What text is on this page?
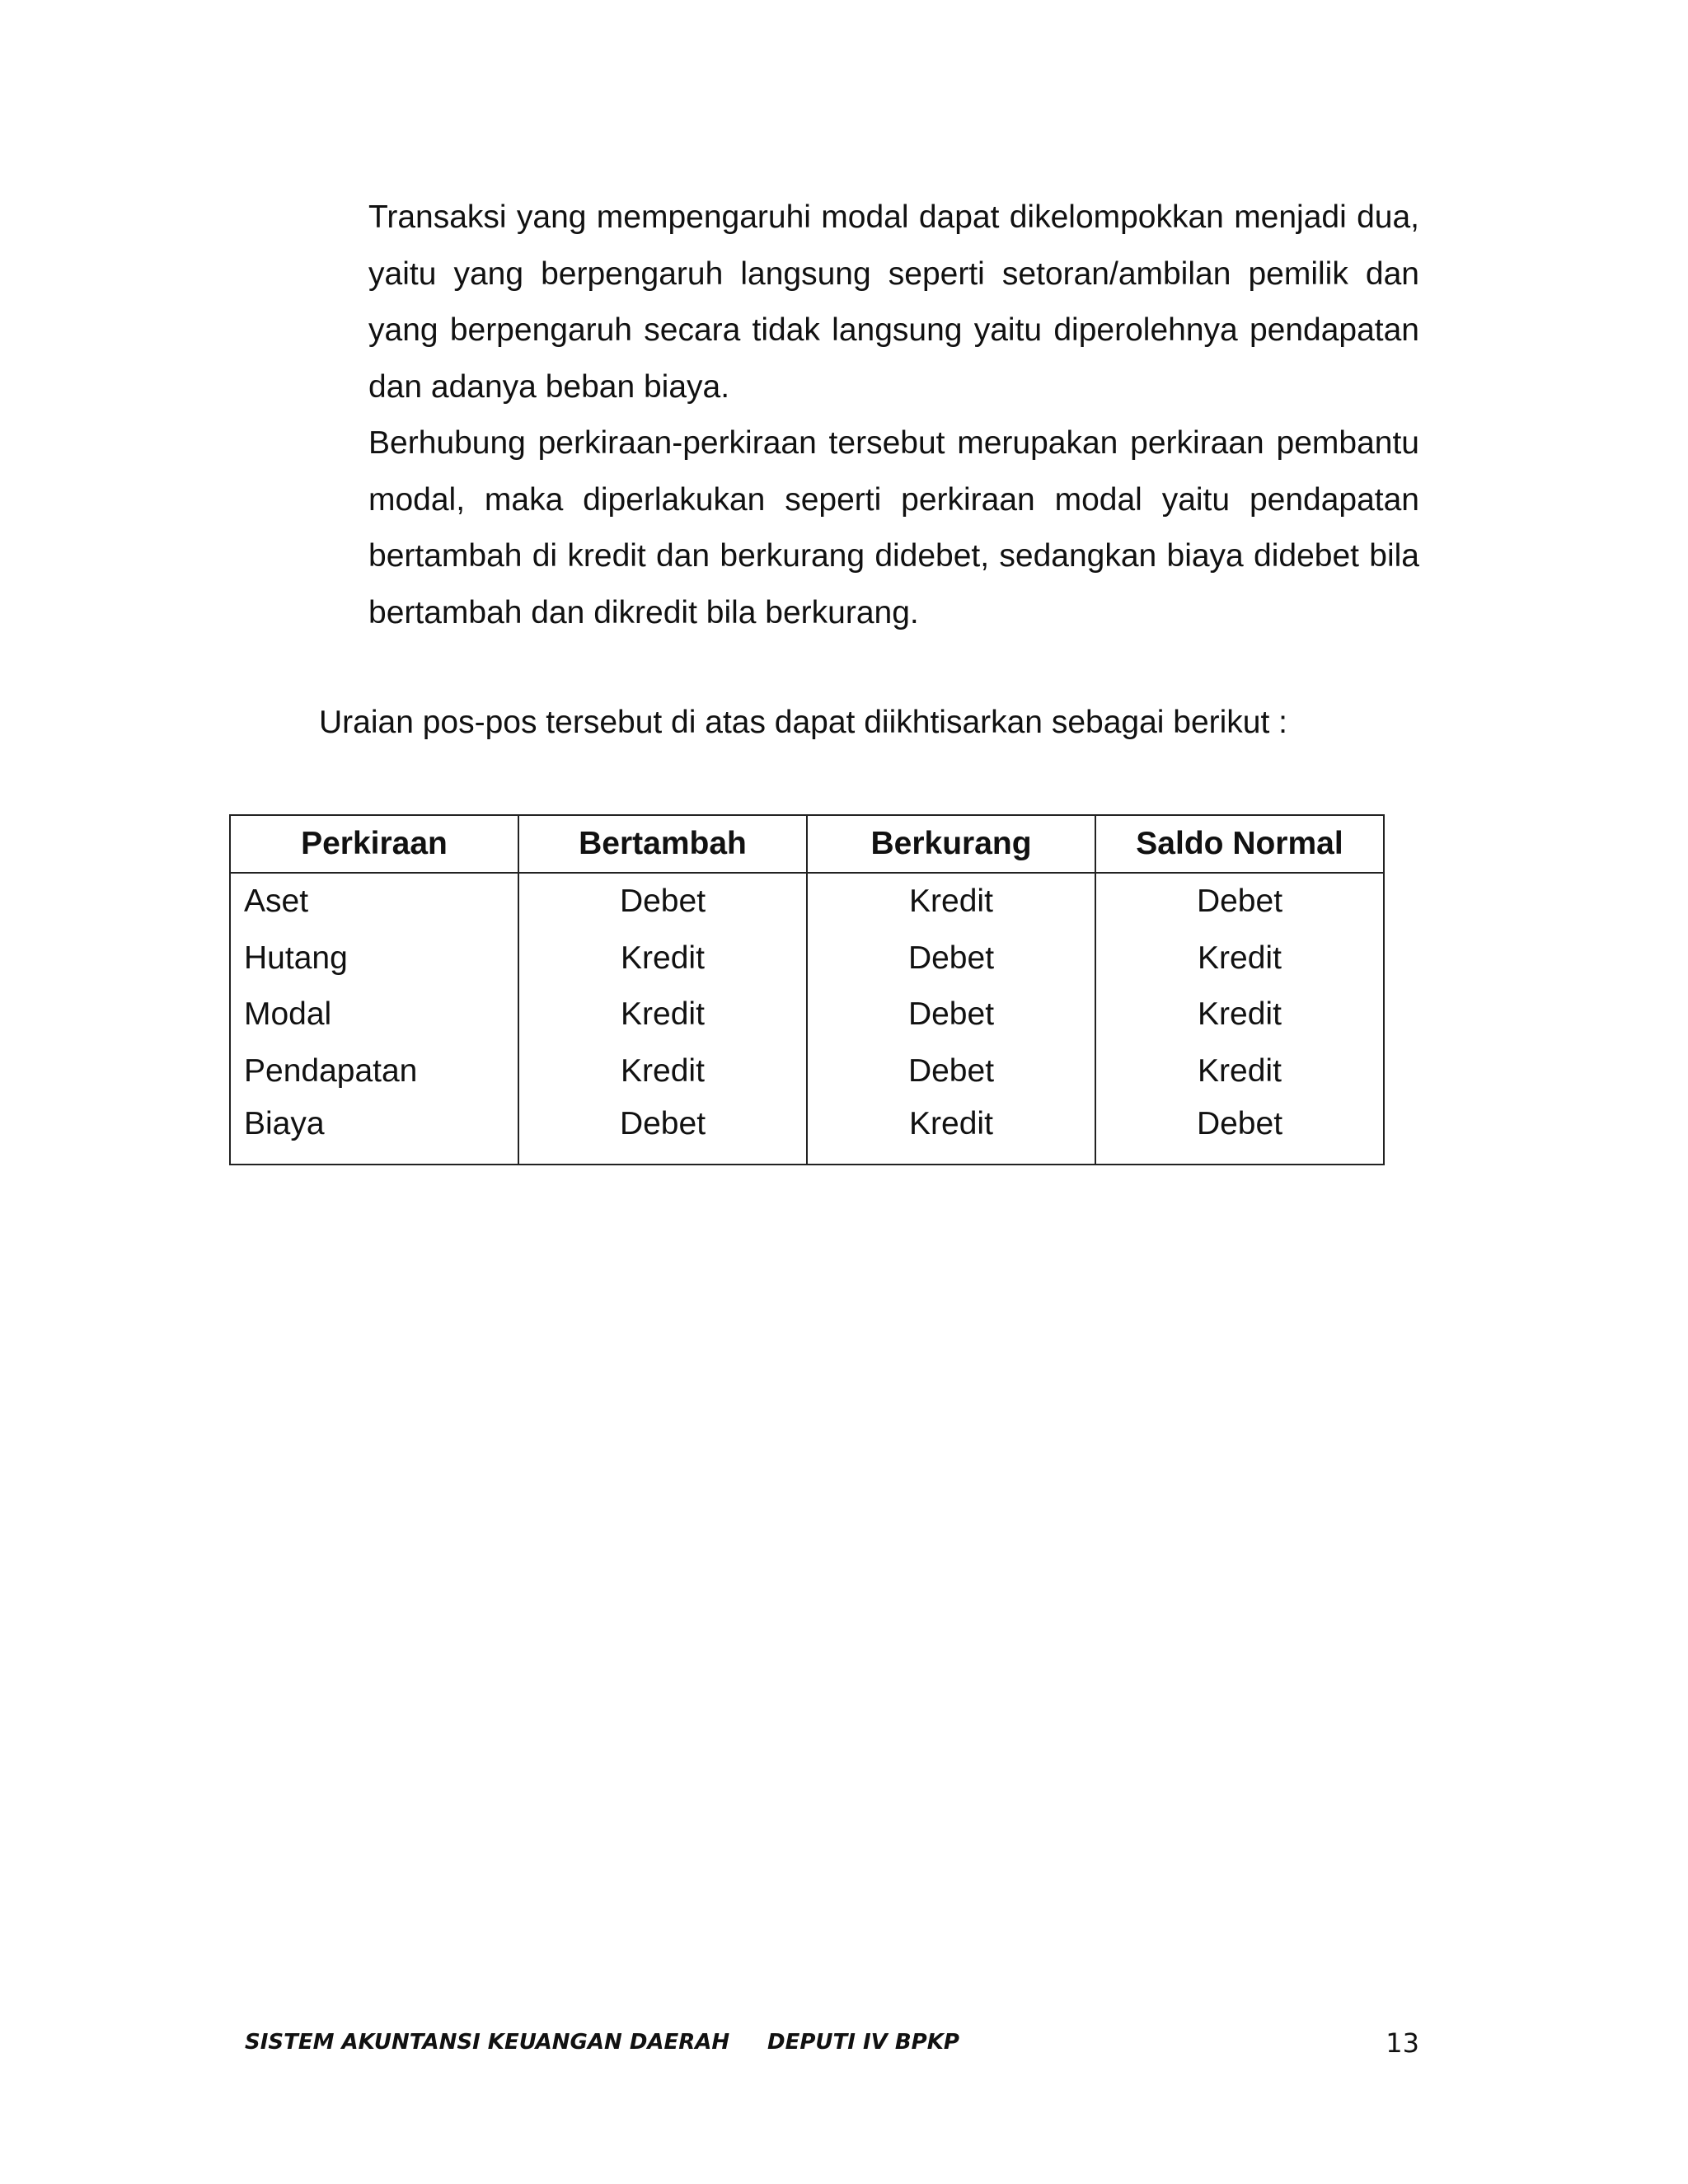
Transaksi yang mempengaruhi modal dapat dikelompokkan menjadi dua, yaitu yang berpengaruh langsung seperti setoran/ambilan pemilik dan yang berpengaruh secara tidak langsung yaitu diperolehnya pendapatan dan adanya beban biaya.

Berhubung perkiraan-perkiraan tersebut merupakan perkiraan pembantu modal, maka diperlakukan seperti perkiraan modal yaitu pendapatan bertambah di kredit dan berkurang didebet, sedangkan biaya didebet bila bertambah dan dikredit bila berkurang.

Uraian pos-pos tersebut di atas dapat diikhtisarkan sebagai berikut :
Perkiraan	Bertambah	Berkurang	Saldo Normal
Aset	Debet	Kredit	Debet
Hutang	Kredit	Debet	Kredit
Modal	Kredit	Debet	Kredit
Pendapatan	Kredit	Debet	Kredit
Biaya	Debet	Kredit	Debet
SISTEM AKUNTANSI KEUANGAN DAERAH DEPUTI IV BPKP	13
